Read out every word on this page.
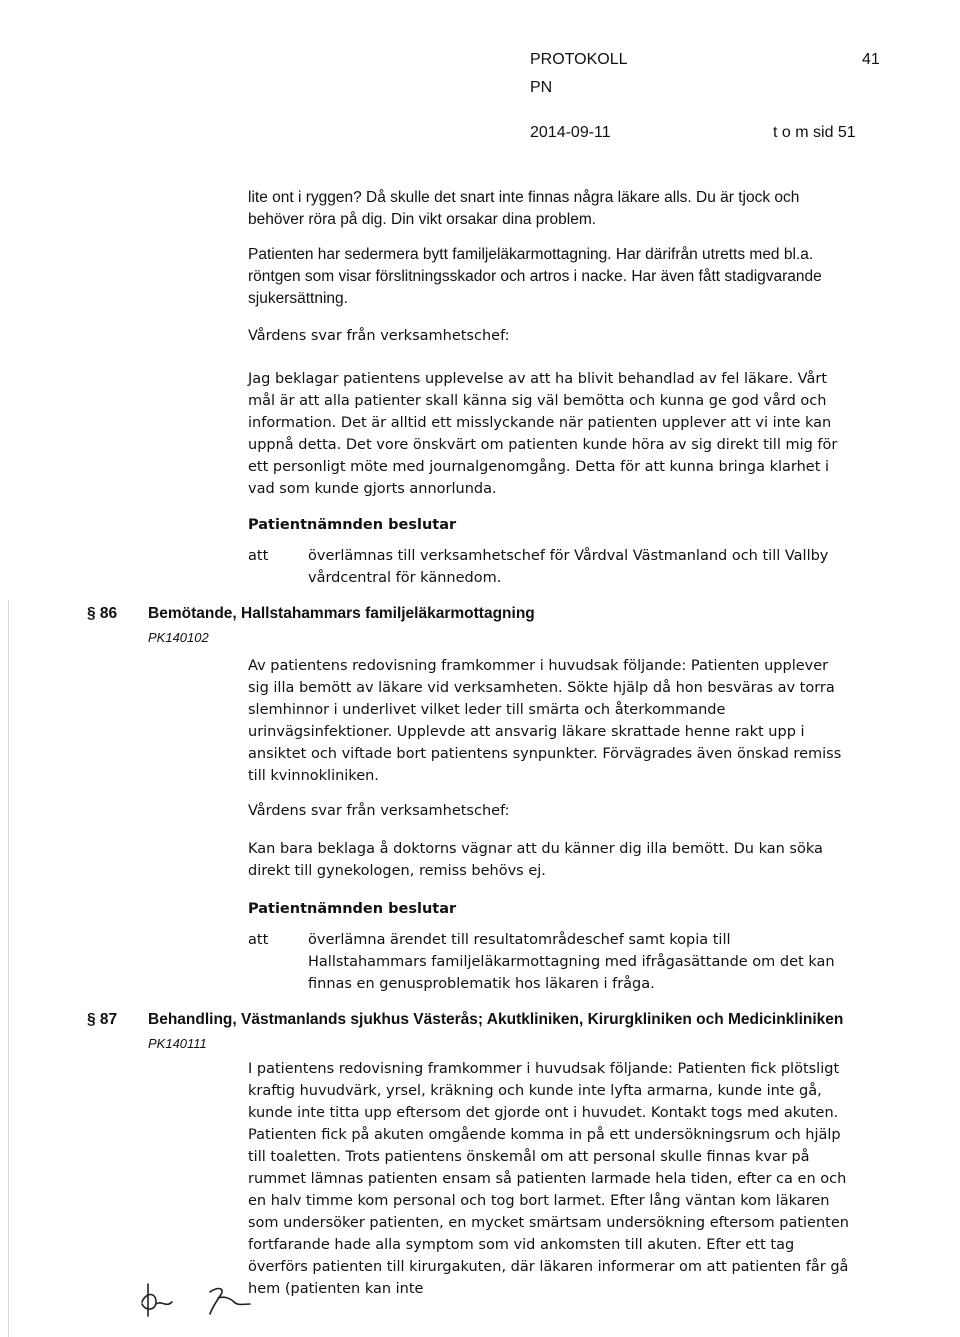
PROTOKOLL	41
PN
2014-09-11	t o m sid 51

lite ont i ryggen? Då skulle det snart inte finnas några läkare alls. Du är tjock och behöver röra på dig. Din vikt orsakar dina problem.

Patienten har sedermera bytt familjeläkarmottagning. Har därifrån utretts med bl.a. röntgen som visar förslitningsskador och artros i nacke. Har även fått stadigvarande sjukersättning.

Vårdens svar från verksamhetschef:

Jag beklagar patientens upplevelse av att ha blivit behandlad av fel läkare. Vårt mål är att alla patienter skall känna sig väl bemötta och kunna ge god vård och information. Det är alltid ett misslyckande när patienten upplever att vi inte kan uppnå detta. Det vore önskvärt om patienten kunde höra av sig direkt till mig för ett personligt möte med journalgenomgång. Detta för att kunna bringa klarhet i vad som kunde gjorts annorlunda.

Patientnämnden beslutar
att	överlämnas till verksamhetschef för Vårdval Västmanland och till Vallby vårdcentral för kännedom.

§ 86 Bemötande, Hallstahammars familjeläkarmottagning
PK140102

Av patientens redovisning framkommer i huvudsak följande: Patienten upplever sig illa bemött av läkare vid verksamheten. Sökte hjälp då hon besväras av torra slemhinnor i underlivet vilket leder till smärta och återkommande urinvägsinfektioner. Upplevde att ansvarig läkare skrattade henne rakt upp i ansiktet och viftade bort patientens synpunkter. Förvägrades även önskad remiss till kvinnokliniken.

Vårdens svar från verksamhetschef:

Kan bara beklaga å doktorns vägnar att du känner dig illa bemött. Du kan söka direkt till gynekologen, remiss behövs ej.

Patientnämnden beslutar
att	överlämna ärendet till resultatområdeschef samt kopia till Hallstahammars familjeläkarmottagning med ifrågasättande om det kan finnas en genusproblematik hos läkaren i fråga.

§ 87 Behandling, Västmanlands sjukhus Västerås; Akutkliniken, Kirurgkliniken och Medicinkliniken
PK140111

I patientens redovisning framkommer i huvudsak följande: Patienten fick plötsligt kraftig huvudvärk, yrsel, kräkning och kunde inte lyfta armarna, kunde inte gå, kunde inte titta upp eftersom det gjorde ont i huvudet. Kontakt togs med akuten. Patienten fick på akuten omgående komma in på ett undersökningsrum och hjälp till toaletten. Trots patientens önskemål om att personal skulle finnas kvar på rummet lämnas patienten ensam så patienten larmade hela tiden, efter ca en och en halv timme kom personal och tog bort larmet. Efter lång väntan kom läkaren som undersöker patienten, en mycket smärtsam undersökning eftersom patienten fortfarande hade alla symptom som vid ankomsten till akuten. Efter ett tag överförs patienten till kirurgakuten, där läkaren informerar om att patienten får gå hem (patienten kan inte
